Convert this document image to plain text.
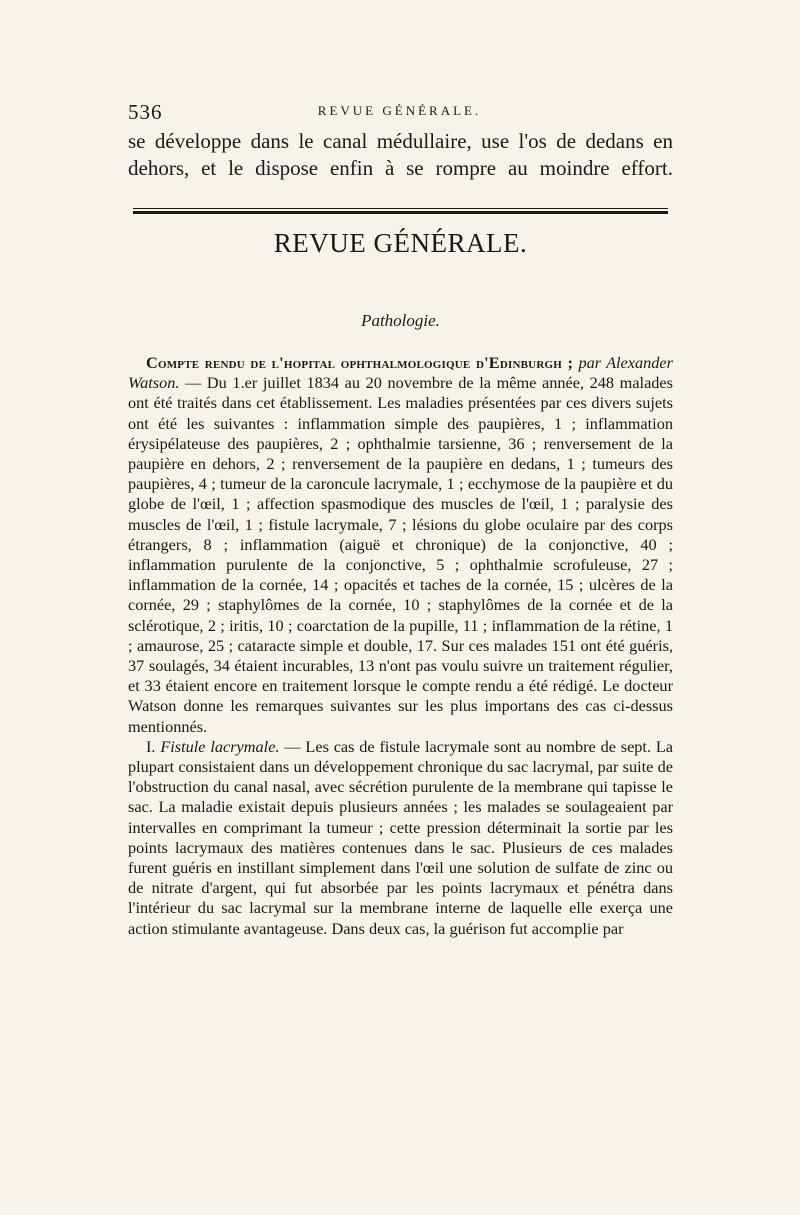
536	REVUE GÉNÉRALE.
se développe dans le canal médullaire, use l'os de dedans en dehors, et le dispose enfin à se rompre au moindre effort.
REVUE GÉNÉRALE.
Pathologie.

Compte rendu de l'hopital ophthalmologique d'Edinburgh ; par Alexander Watson. — Du 1.er juillet 1834 au 20 novembre de la même année, 248 malades ont été traités dans cet établissement. Les maladies présentées par ces divers sujets ont été les suivantes : inflammation simple des paupières, 1 ; inflammation érysipélateuse des paupières, 2 ; ophthalmie tarsienne, 36 ; renversement de la paupière en dehors, 2 ; renversement de la paupière en dedans, 1 ; tumeurs des paupières, 4 ; tumeur de la caroncule lacrymale, 1 ; ecchymose de la paupière et du globe de l'œil, 1 ; affection spasmodique des muscles de l'œil, 1 ; paralysie des muscles de l'œil, 1 ; fistule lacrymale, 7 ; lésions du globe oculaire par des corps étrangers, 8 ; inflammation (aiguë et chronique) de la conjonctive, 40 ; inflammation purulente de la conjonctive, 5 ; ophthalmie scrofuleuse, 27 ; inflammation de la cornée, 14 ; opacités et taches de la cornée, 15 ; ulcères de la cornée, 29 ; staphylômes de la cornée, 10 ; staphylômes de la cornée et de la sclérotique, 2 ; iritis, 10 ; coarctation de la pupille, 11 ; inflammation de la rétine, 1 ; amaurose, 25 ; cataracte simple et double, 17. Sur ces malades 151 ont été guéris, 37 soulagés, 34 étaient incurables, 13 n'ont pas voulu suivre un traitement régulier, et 33 étaient encore en traitement lorsque le compte rendu a été rédigé. Le docteur Watson donne les remarques suivantes sur les plus importans des cas ci-dessus mentionnés.

I. Fistule lacrymale. — Les cas de fistule lacrymale sont au nombre de sept. La plupart consistaient dans un développement chronique du sac lacrymal, par suite de l'obstruction du canal nasal, avec sécrétion purulente de la membrane qui tapisse le sac. La maladie existait depuis plusieurs années ; les malades se soulageaient par intervalles en comprimant la tumeur ; cette pression déterminait la sortie par les points lacrymaux des matières contenues dans le sac. Plusieurs de ces malades furent guéris en instillant simplement dans l'œil une solution de sulfate de zinc ou de nitrate d'argent, qui fut absorbée par les points lacrymaux et pénétra dans l'intérieur du sac lacrymal sur la membrane interne de laquelle elle exerça une action stimulante avantageuse. Dans deux cas, la guérison fut accomplie par
